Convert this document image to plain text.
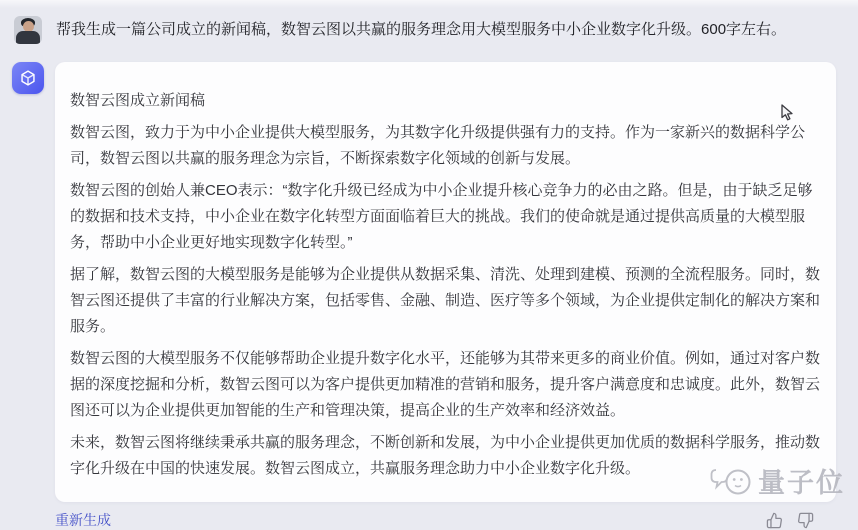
帮我生成一篇公司成立的新闻稿，数智云图以共赢的服务理念用大模型服务中小企业数字化升级。600字左右。

数智云图成立新闻稿

数智云图，致力于为中小企业提供大模型服务，为其数字化升级提供强有力的支持。作为一家新兴的数据科学公司，数智云图以共赢的服务理念为宗旨，不断探索数字化领域的创新与发展。

数智云图的创始人兼CEO表示：“数字化升级已经成为中小企业提升核心竞争力的必由之路。但是，由于缺乏足够的数据和技术支持，中小企业在数字化转型方面面临着巨大的挑战。我们的使命就是通过提供高质量的大模型服务，帮助中小企业更好地实现数字化转型。”

据了解，数智云图的大模型服务是能够为企业提供从数据采集、清洗、处理到建模、预测的全流程服务。同时，数智云图还提供了丰富的行业解决方案，包括零售、金融、制造、医疗等多个领域，为企业提供定制化的解决方案和服务。

数智云图的大模型服务不仅能够帮助企业提升数字化水平，还能够为其带来更多的商业价值。例如，通过对客户数据的深度挖掘和分析，数智云图可以为客户提供更加精准的营销和服务，提升客户满意度和忠诚度。此外，数智云图还可以为企业提供更加智能的生产和管理决策，提高企业的生产效率和经济效益。

未来，数智云图将继续秉承共赢的服务理念，不断创新和发展，为中小企业提供更加优质的数据科学服务，推动数字化升级在中国的快速发展。数智云图成立，共赢服务理念助力中小企业数字化升级。

重新生成
量子位
